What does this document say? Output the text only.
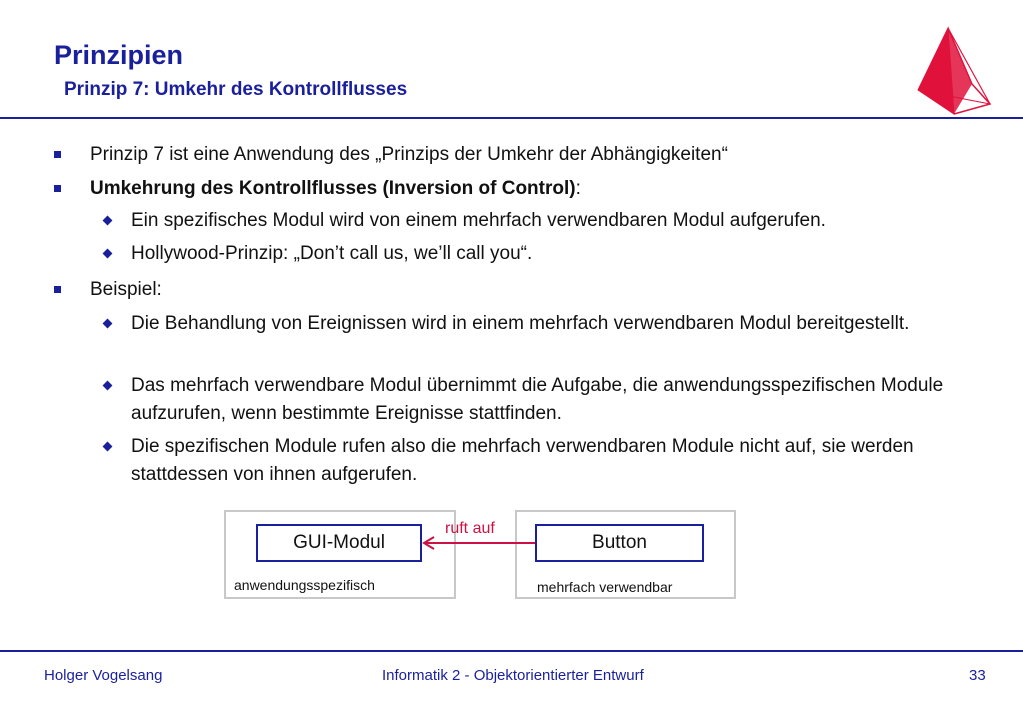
Prinzipien
Prinzip 7: Umkehr des Kontrollflusses
Prinzip 7 ist eine Anwendung des „Prinzips der Umkehr der Abhängigkeiten“
Umkehrung des Kontrollflusses (Inversion of Control):
Ein spezifisches Modul wird von einem mehrfach verwendbaren Modul aufgerufen.
Hollywood-Prinzip: „Don’t call us, we’ll call you“.
Beispiel:
Die Behandlung von Ereignissen wird in einem mehrfach verwendbaren Modul bereitgestellt.
Das mehrfach verwendbare Modul übernimmt die Aufgabe, die anwendungsspezifischen Module aufzurufen, wenn bestimmte Ereignisse stattfinden.
Die spezifischen Module rufen also die mehrfach verwendbaren Module nicht auf, sie werden stattdessen von ihnen aufgerufen.
GUI-Modul	Button
anwendungsspezifisch	mehrfach verwendbar
ruft auf
Holger Vogelsang	Informatik 2 - Objektorientierter Entwurf	33
